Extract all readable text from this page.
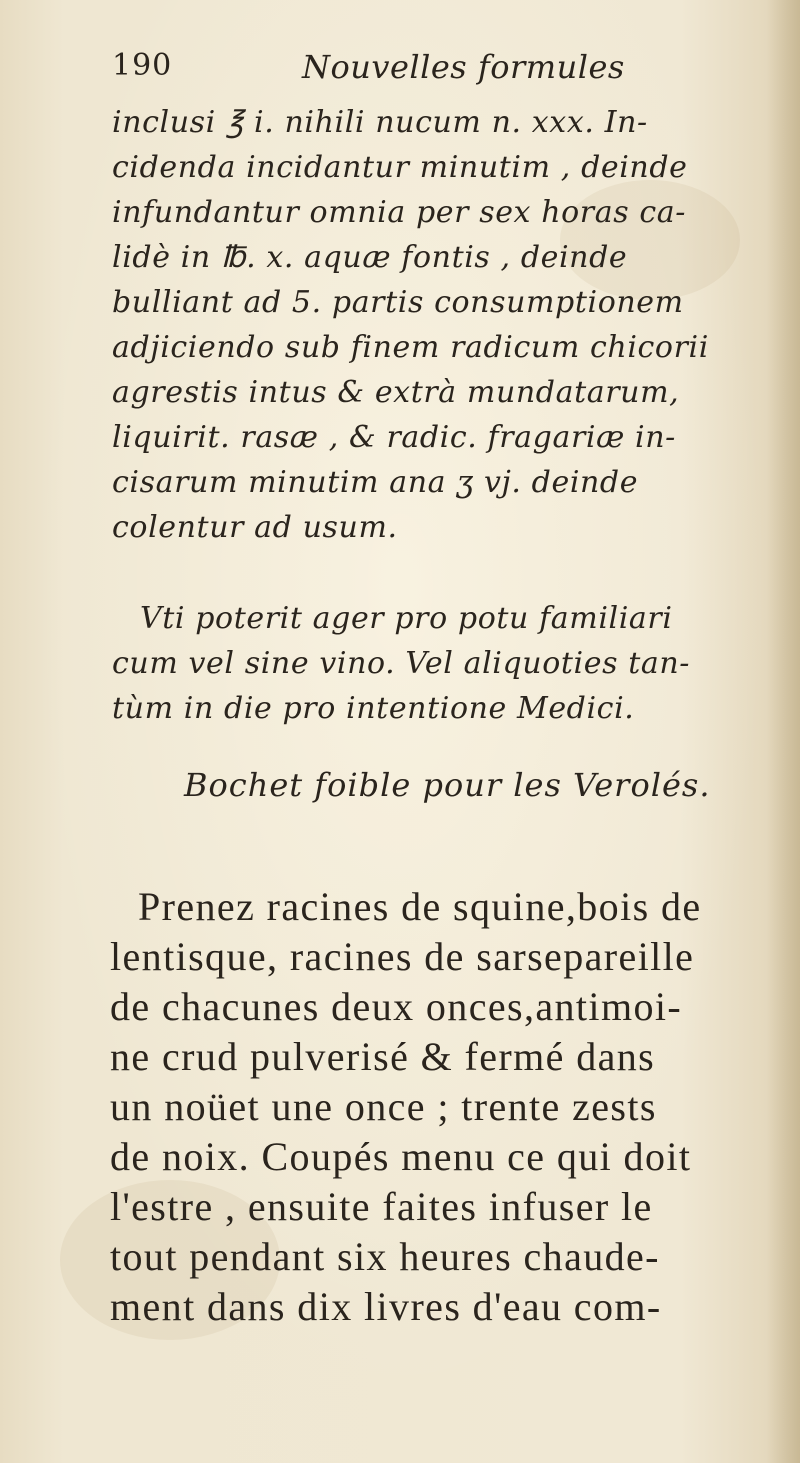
190	Nouvelles formules
inclusi ℥ i. nihili nucum n. xxx. In-
cidenda incidantur minutim , deinde
infundantur omnia per sex horas ca-
lidè in ℔. x. aquæ fontis , deinde
bulliant ad 5. partis consumptionem
adjiciendo sub finem radicum chicorii
agrestis intus & extrà mundatarum,
liquirit. rasæ , & radic. fragariæ in-
cisarum minutim ana ʒ vj. deinde
colentur ad usum.
Vti poterit ager pro potu familiari
cum vel sine vino. Vel aliquoties tan-
tùm in die pro intentione Medici.
Bochet foible pour les Verolés.
Prenez racines de squine,bois de
lentisque, racines de sarsepareille
de chacunes deux onces,antimoi-
ne crud pulverisé & fermé dans
un noüet une once ; trente zests
de noix. Coupés menu ce qui doit
l'estre , ensuite faites infuser le
tout pendant six heures chaude-
ment dans dix livres d'eau com-
